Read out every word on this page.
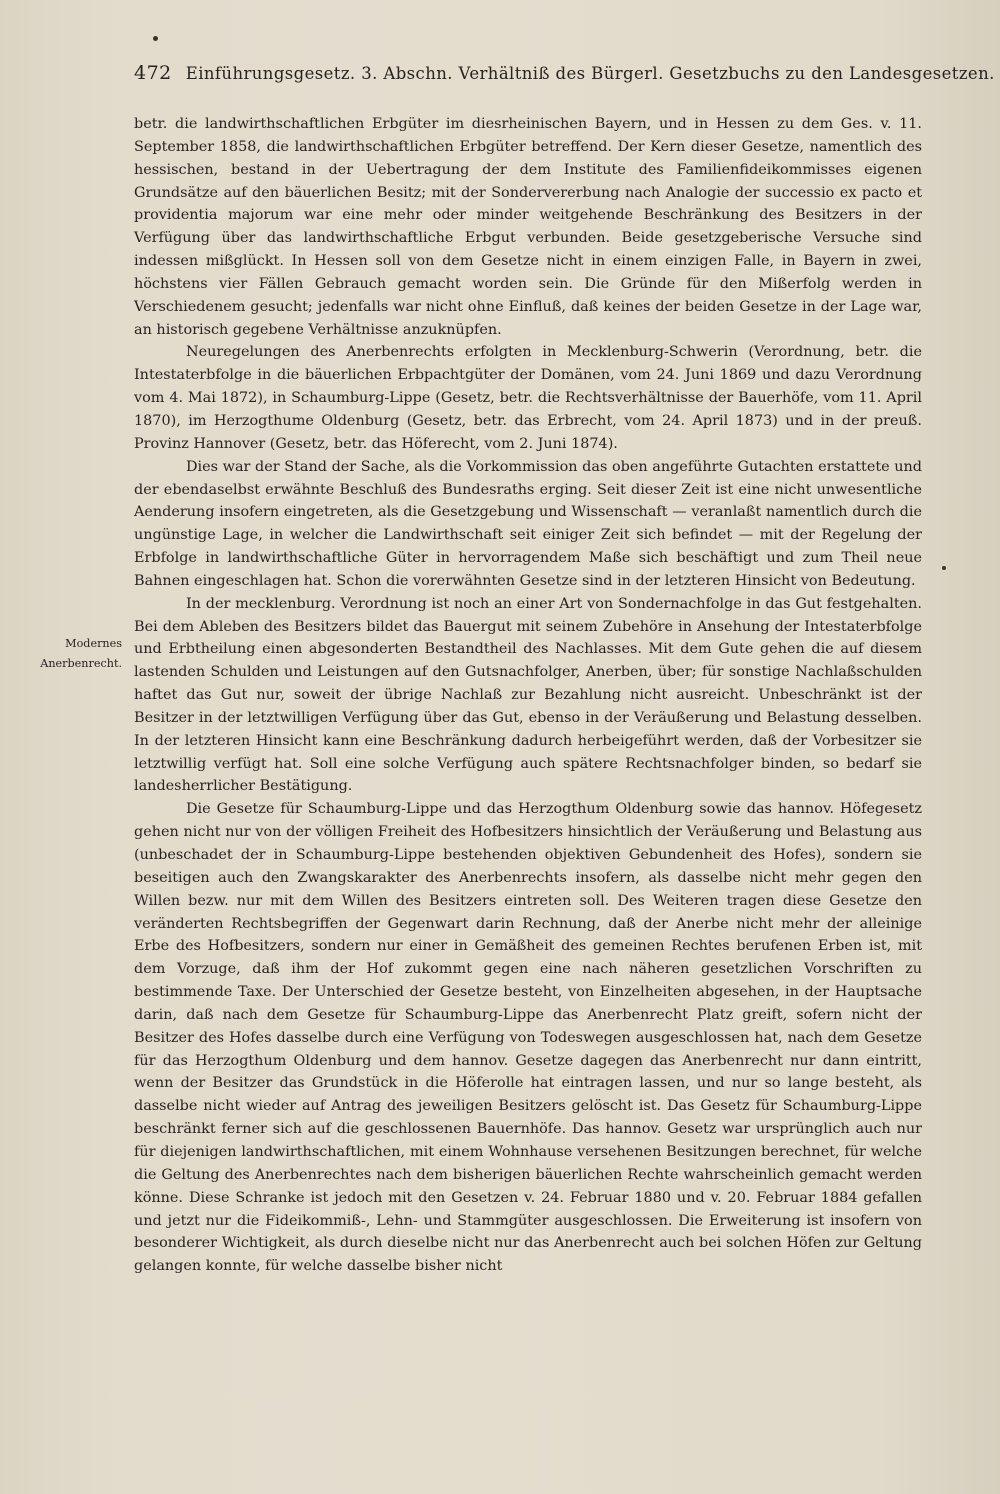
472 Einführungsgesetz. 3. Abschn. Verhältniß des Bürgerl. Gesetzbuchs zu den Landesgesetzen.
Modernes
Anerbenrecht.

betr. die landwirthschaftlichen Erbgüter im diesrheinischen Bayern, und in Hessen zu dem Ges. v. 11. September 1858, die landwirthschaftlichen Erbgüter betreffend. Der Kern dieser Gesetze, namentlich des hessischen, bestand in der Uebertragung der dem Institute des Familienfideikommisses eigenen Grundsätze auf den bäuerlichen Besitz; mit der Sondervererbung nach Analogie der successio ex pacto et providentia majorum war eine mehr oder minder weitgehende Beschränkung des Besitzers in der Verfügung über das landwirthschaftliche Erbgut verbunden. Beide gesetzgeberische Versuche sind indessen mißglückt. In Hessen soll von dem Gesetze nicht in einem einzigen Falle, in Bayern in zwei, höchstens vier Fällen Gebrauch gemacht worden sein. Die Gründe für den Mißerfolg werden in Verschiedenem gesucht; jedenfalls war nicht ohne Einfluß, daß keines der beiden Gesetze in der Lage war, an historisch gegebene Verhältnisse anzuknüpfen.

Neuregelungen des Anerbenrechts erfolgten in Mecklenburg-Schwerin (Verordnung, betr. die Intestaterbfolge in die bäuerlichen Erbpachtgüter der Domänen, vom 24. Juni 1869 und dazu Verordnung vom 4. Mai 1872), in Schaumburg-Lippe (Gesetz, betr. die Rechtsverhältnisse der Bauerhöfe, vom 11. April 1870), im Herzogthume Oldenburg (Gesetz, betr. das Erbrecht, vom 24. April 1873) und in der preuß. Provinz Hannover (Gesetz, betr. das Höferecht, vom 2. Juni 1874).

Dies war der Stand der Sache, als die Vorkommission das oben angeführte Gutachten erstattete und der ebendaselbst erwähnte Beschluß des Bundesraths erging. Seit dieser Zeit ist eine nicht unwesentliche Aenderung insofern eingetreten, als die Gesetzgebung und Wissenschaft — veranlaßt namentlich durch die ungünstige Lage, in welcher die Landwirthschaft seit einiger Zeit sich befindet — mit der Regelung der Erbfolge in landwirthschaftliche Güter in hervorragendem Maße sich beschäftigt und zum Theil neue Bahnen eingeschlagen hat. Schon die vorerwähnten Gesetze sind in der letzteren Hinsicht von Bedeutung.

In der mecklenburg. Verordnung ist noch an einer Art von Sondernachfolge in das Gut festgehalten. Bei dem Ableben des Besitzers bildet das Bauergut mit seinem Zubehöre in Ansehung der Intestaterbfolge und Erbtheilung einen abgesonderten Bestandtheil des Nachlasses. Mit dem Gute gehen die auf diesem lastenden Schulden und Leistungen auf den Gutsnachfolger, Anerben, über; für sonstige Nachlaßschulden haftet das Gut nur, soweit der übrige Nachlaß zur Bezahlung nicht ausreicht. Unbeschränkt ist der Besitzer in der letztwilligen Verfügung über das Gut, ebenso in der Veräußerung und Belastung desselben. In der letzteren Hinsicht kann eine Beschränkung dadurch herbeigeführt werden, daß der Vorbesitzer sie letztwillig verfügt hat. Soll eine solche Verfügung auch spätere Rechtsnachfolger binden, so bedarf sie landesherrlicher Bestätigung.

Die Gesetze für Schaumburg-Lippe und das Herzogthum Oldenburg sowie das hannov. Höfegesetz gehen nicht nur von der völligen Freiheit des Hofbesitzers hinsichtlich der Veräußerung und Belastung aus (unbeschadet der in Schaumburg-Lippe bestehenden objektiven Gebundenheit des Hofes), sondern sie beseitigen auch den Zwangskarakter des Anerbenrechts insofern, als dasselbe nicht mehr gegen den Willen bezw. nur mit dem Willen des Besitzers eintreten soll. Des Weiteren tragen diese Gesetze den veränderten Rechtsbegriffen der Gegenwart darin Rechnung, daß der Anerbe nicht mehr der alleinige Erbe des Hofbesitzers, sondern nur einer in Gemäßheit des gemeinen Rechtes berufenen Erben ist, mit dem Vorzuge, daß ihm der Hof zukommt gegen eine nach näheren gesetzlichen Vorschriften zu bestimmende Taxe. Der Unterschied der Gesetze besteht, von Einzelheiten abgesehen, in der Hauptsache darin, daß nach dem Gesetze für Schaumburg-Lippe das Anerbenrecht Platz greift, sofern nicht der Besitzer des Hofes dasselbe durch eine Verfügung von Todeswegen ausgeschlossen hat, nach dem Gesetze für das Herzogthum Oldenburg und dem hannov. Gesetze dagegen das Anerbenrecht nur dann eintritt, wenn der Besitzer das Grundstück in die Höferolle hat eintragen lassen, und nur so lange besteht, als dasselbe nicht wieder auf Antrag des jeweiligen Besitzers gelöscht ist. Das Gesetz für Schaumburg-Lippe beschränkt ferner sich auf die geschlossenen Bauernhöfe. Das hannov. Gesetz war ursprünglich auch nur für diejenigen landwirthschaftlichen, mit einem Wohnhause versehenen Besitzungen berechnet, für welche die Geltung des Anerbenrechtes nach dem bisherigen bäuerlichen Rechte wahrscheinlich gemacht werden könne. Diese Schranke ist jedoch mit den Gesetzen v. 24. Februar 1880 und v. 20. Februar 1884 gefallen und jetzt nur die Fideikommiß-, Lehn- und Stammgüter ausgeschlossen. Die Erweiterung ist insofern von besonderer Wichtigkeit, als durch dieselbe nicht nur das Anerbenrecht auch bei solchen Höfen zur Geltung gelangen konnte, für welche dasselbe bisher nicht
